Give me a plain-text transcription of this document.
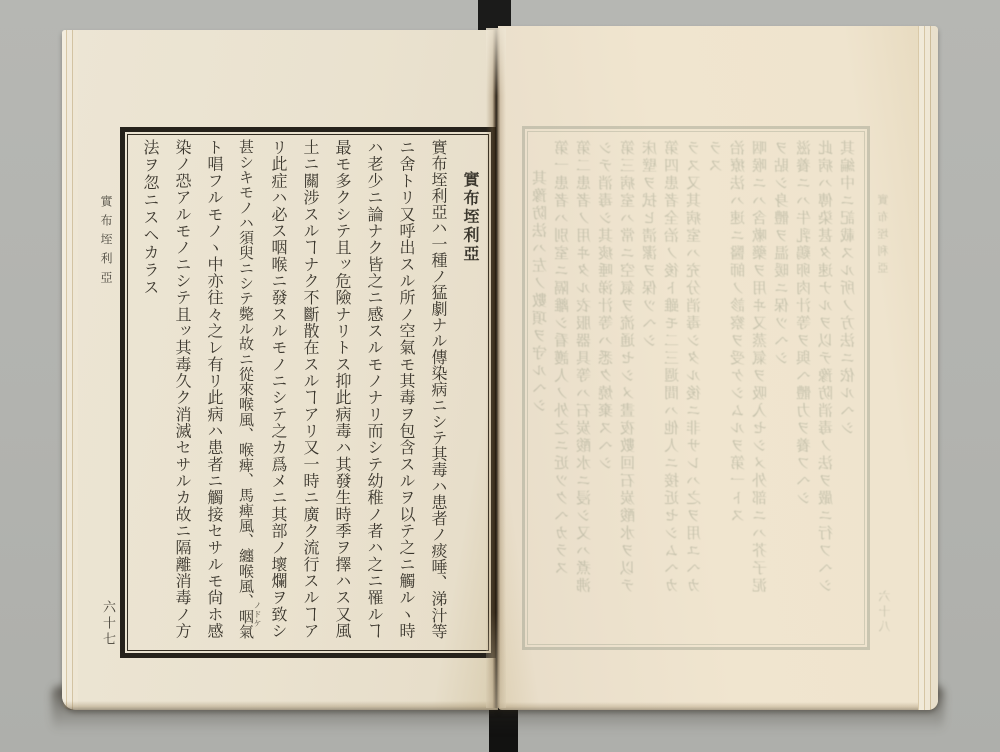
實布垤利亞
實布垤利亞ハ一種ノ猛劇ナル傳染病ニシテ其毒ハ患者ノ痰唾、涕汁等
ニ舍トリ又呼出スル所ノ空氣モ其毒ヲ包含スルヲ以テ之ニ觸ルヽ時
ハ老少ニ論ナク皆之ニ感スルモノナリ而シテ幼稚ノ者ハ之ニ罹ルヿ
最モ多クシテ且ッ危險ナリトス抑此病毒ハ其發生時季ヲ擇ハス又風
土ニ關涉スルヿナク不斷散在スルヿアリ又一時ニ廣ク流行スルヿア
リ此症ハ必ス咽喉ニ發スルモノニシテ之カ爲メニ其部ノ壞爛ヲ致シ
甚シキモノハ須臾ニシテ斃ル故ニ從來喉風、喉痺、馬痺風、纏喉風、咽氣
ト唱フルモノヽ中亦往々之レ有リ此病ハ患者ニ觸接セサルモ尙ホ感
染ノ恐アルモノニシテ且ッ其毒久ク消滅セサルカ故ニ隔離消毒ノ方
法ヲ忽ニスヘカラス
ノドケ
實布垤利亞
六十七
其豫防法ハ左ノ數項ヲ守ルヘシ 第一患者ハ別室ニ隔離シ看護人ノ外之ニ近ツクヘカラス 第二患者ノ用ヰタル衣服器具等ハ石炭酸水ニ浸シ又ハ煮沸 シテ消毒シ其痰唾涕汁等ハ悉ク燒棄スヘシ 第三病室ハ常ニ空氣ヲ流通セシメ晝夜數回石炭酸水ヲ以テ 床壁ヲ拭ヒ淸潔ヲ保ツヘシ 第四患者全治ノ後ト雖モ二三週間ハ他人ニ接近セシムヘカ ラス又其病室ハ充分消毒シタル後ニ非サレハ之ヲ用ユヘカ ラス 治療法ハ速ニ醫師ノ診察ヲ受ケシムルヲ第一トス 咽喉ニハ含嗽藥ヲ用ヰ又蒸氣ヲ吸入セシメ外部ニハ芥子泥 ヲ貼シ身體ヲ温暖ニ保ツヘシ 滋養ニハ牛乳鷄卵肉汁等ヲ與ヘ體力ヲ養フヘシ 此病ハ傳染甚タ速ナルヲ以テ豫防消毒ノ法ヲ嚴ニ行フヘシ 其編中ニ記載スル所ノ方法ニ依ルヘシ 實布垤利亞
六十八
